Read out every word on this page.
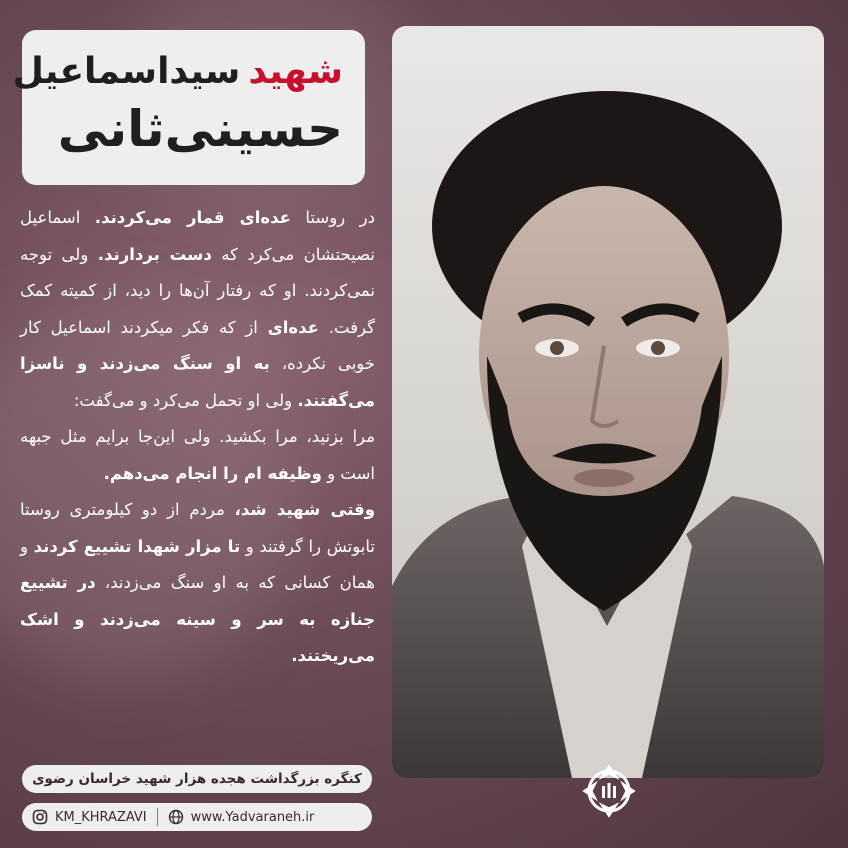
شهیدسیداسماعیل
حسینی‌ثانی

در روستا عده‌ای قمار می‌کردند. اسماعیل نصیحتشان می‌کرد که دست بردارند. ولی توجه نمی‌کردند. او که رفتار آن‌ها را دید، از کمیته کمک گرفت. عده‌ای از که فکر میکردند اسماعیل کار خوبی نکرده، به او سنگ می‌زدند و ناسزا می‌گفتند. ولی او تحمل می‌کرد و می‌گفت:

مرا بزنید، مرا بکشید. ولی این‌جا برایم مثل جبهه است و وظیفه ام را انجام می‌دهم.

وقتی شهید شد، مردم از دو کیلومتری روستا تابوتش را گرفتند و تا مزار شهدا تشییع کردند و همان کسانی که به او سنگ می‌زدند، در تشییع جنازه به سر و سینه می‌زدند و اشک می‌ریختند.

کنگره بزرگداشت هجده هزار شهید خراسان رضوی
KM_KHRAZAVI	www.Yadvaraneh.ir
